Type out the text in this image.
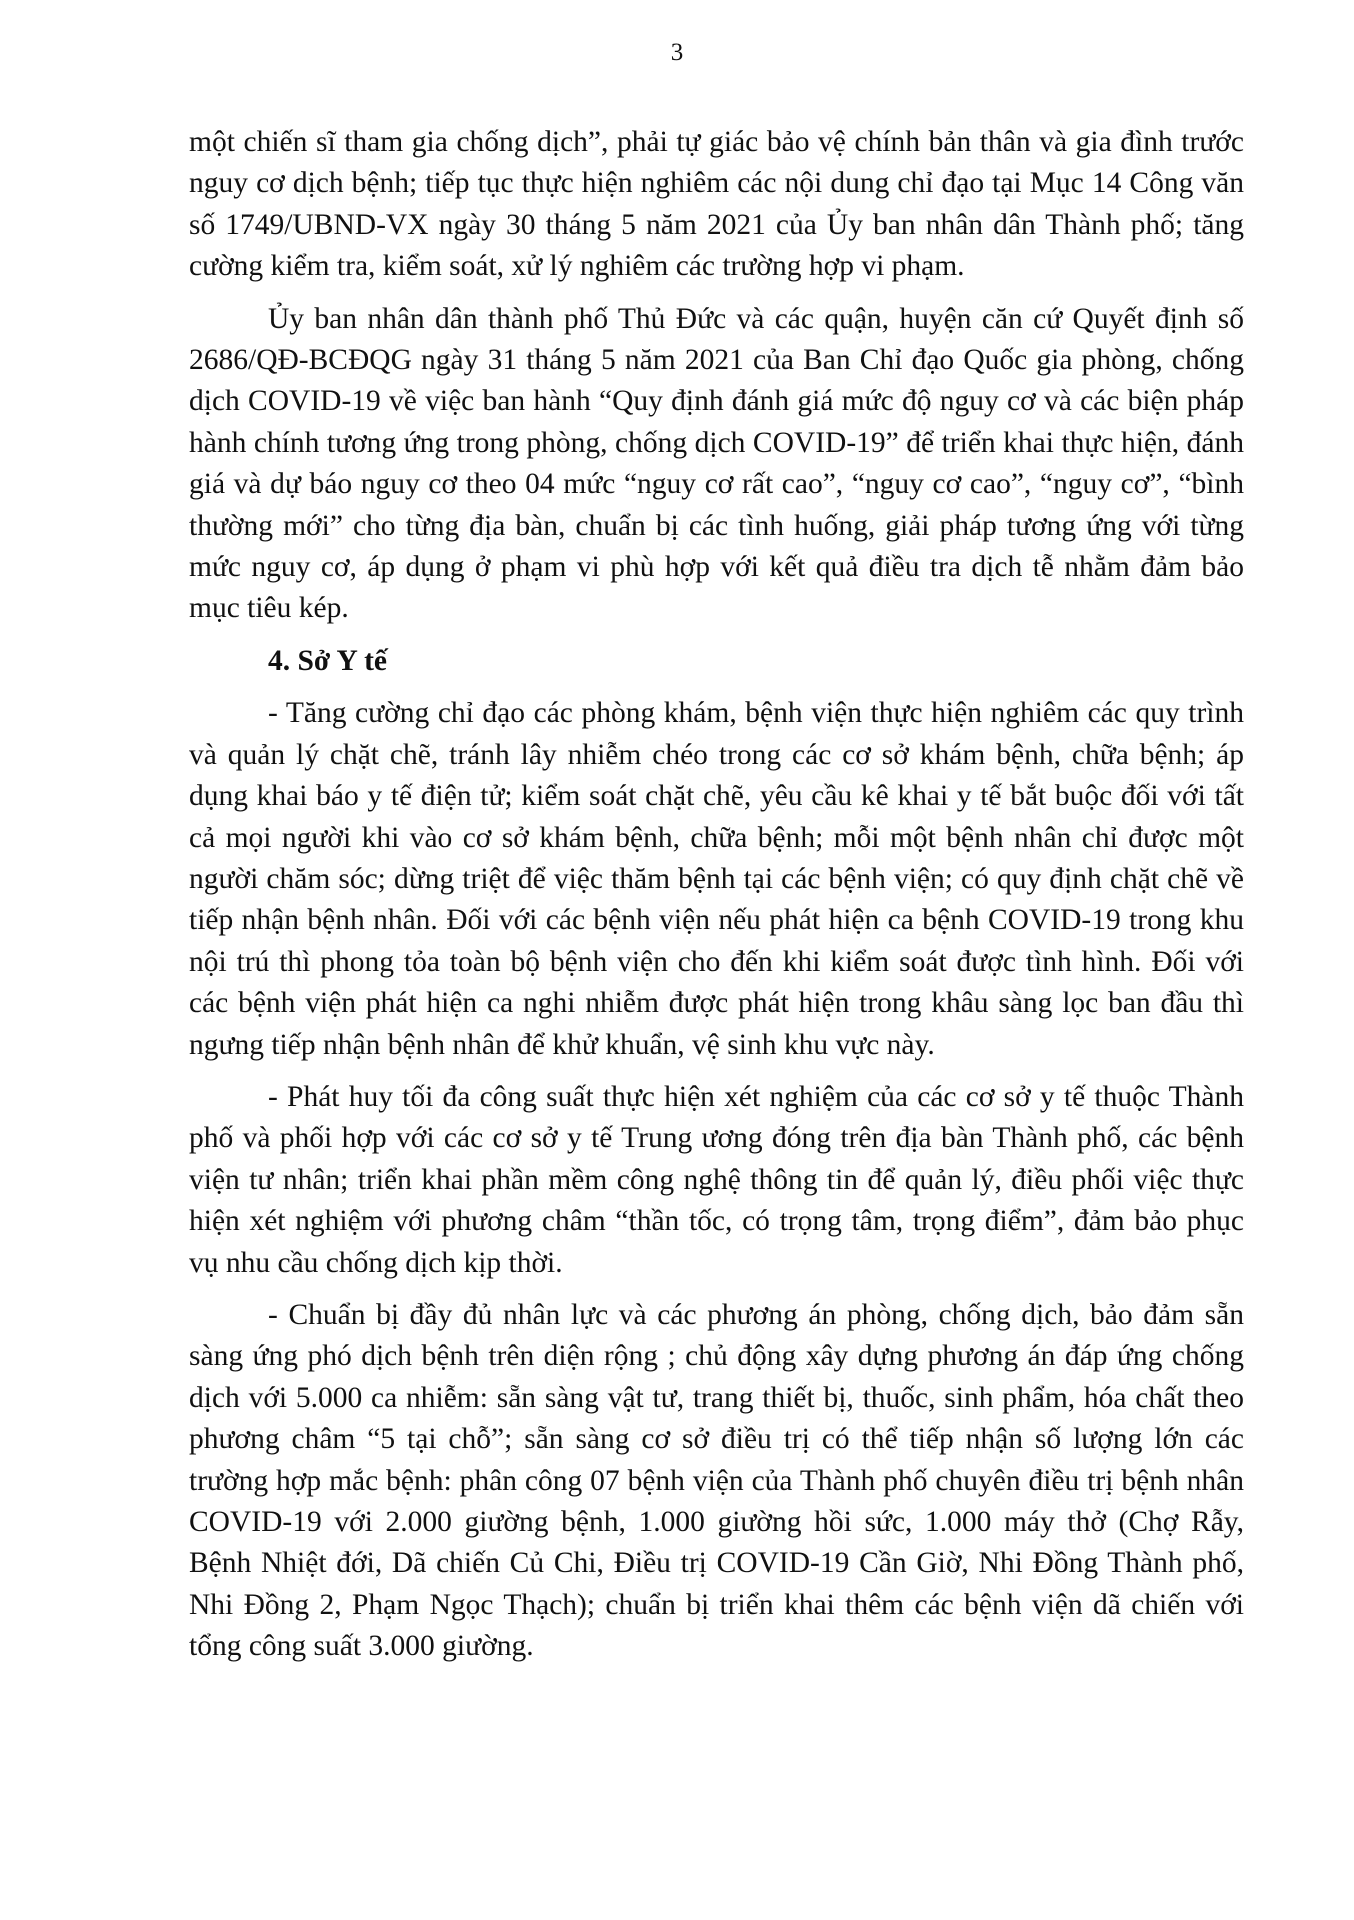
3

một chiến sĩ tham gia chống dịch”, phải tự giác bảo vệ chính bản thân và gia đình trước nguy cơ dịch bệnh; tiếp tục thực hiện nghiêm các nội dung chỉ đạo tại Mục 14 Công văn số 1749/UBND-VX ngày 30 tháng 5 năm 2021 của Ủy ban nhân dân Thành phố; tăng cường kiểm tra, kiểm soát, xử lý nghiêm các trường hợp vi phạm.

Ủy ban nhân dân thành phố Thủ Đức và các quận, huyện căn cứ Quyết định số 2686/QĐ-BCĐQG ngày 31 tháng 5 năm 2021 của Ban Chỉ đạo Quốc gia phòng, chống dịch COVID-19 về việc ban hành “Quy định đánh giá mức độ nguy cơ và các biện pháp hành chính tương ứng trong phòng, chống dịch COVID-19” để triển khai thực hiện, đánh giá và dự báo nguy cơ theo 04 mức “nguy cơ rất cao”, “nguy cơ cao”, “nguy cơ”, “bình thường mới” cho từng địa bàn, chuẩn bị các tình huống, giải pháp tương ứng với từng mức nguy cơ, áp dụng ở phạm vi phù hợp với kết quả điều tra dịch tễ nhằm đảm bảo mục tiêu kép.

4. Sở Y tế

- Tăng cường chỉ đạo các phòng khám, bệnh viện thực hiện nghiêm các quy trình và quản lý chặt chẽ, tránh lây nhiễm chéo trong các cơ sở khám bệnh, chữa bệnh; áp dụng khai báo y tế điện tử; kiểm soát chặt chẽ, yêu cầu kê khai y tế bắt buộc đối với tất cả mọi người khi vào cơ sở khám bệnh, chữa bệnh; mỗi một bệnh nhân chỉ được một người chăm sóc; dừng triệt để việc thăm bệnh tại các bệnh viện; có quy định chặt chẽ về tiếp nhận bệnh nhân. Đối với các bệnh viện nếu phát hiện ca bệnh COVID-19 trong khu nội trú thì phong tỏa toàn bộ bệnh viện cho đến khi kiểm soát được tình hình. Đối với các bệnh viện phát hiện ca nghi nhiễm được phát hiện trong khâu sàng lọc ban đầu thì ngưng tiếp nhận bệnh nhân để khử khuẩn, vệ sinh khu vực này.

- Phát huy tối đa công suất thực hiện xét nghiệm của các cơ sở y tế thuộc Thành phố và phối hợp với các cơ sở y tế Trung ương đóng trên địa bàn Thành phố, các bệnh viện tư nhân; triển khai phần mềm công nghệ thông tin để quản lý, điều phối việc thực hiện xét nghiệm với phương châm “thần tốc, có trọng tâm, trọng điểm”, đảm bảo phục vụ nhu cầu chống dịch kịp thời.

- Chuẩn bị đầy đủ nhân lực và các phương án phòng, chống dịch, bảo đảm sẵn sàng ứng phó dịch bệnh trên diện rộng ; chủ động xây dựng phương án đáp ứng chống dịch với 5.000 ca nhiễm: sẵn sàng vật tư, trang thiết bị, thuốc, sinh phẩm, hóa chất theo phương châm “5 tại chỗ”; sẵn sàng cơ sở điều trị có thể tiếp nhận số lượng lớn các trường hợp mắc bệnh: phân công 07 bệnh viện của Thành phố chuyên điều trị bệnh nhân COVID-19 với 2.000 giường bệnh, 1.000 giường hồi sức, 1.000 máy thở (Chợ Rẫy, Bệnh Nhiệt đới, Dã chiến Củ Chi, Điều trị COVID-19 Cần Giờ, Nhi Đồng Thành phố, Nhi Đồng 2, Phạm Ngọc Thạch); chuẩn bị triển khai thêm các bệnh viện dã chiến với tổng công suất 3.000 giường.
